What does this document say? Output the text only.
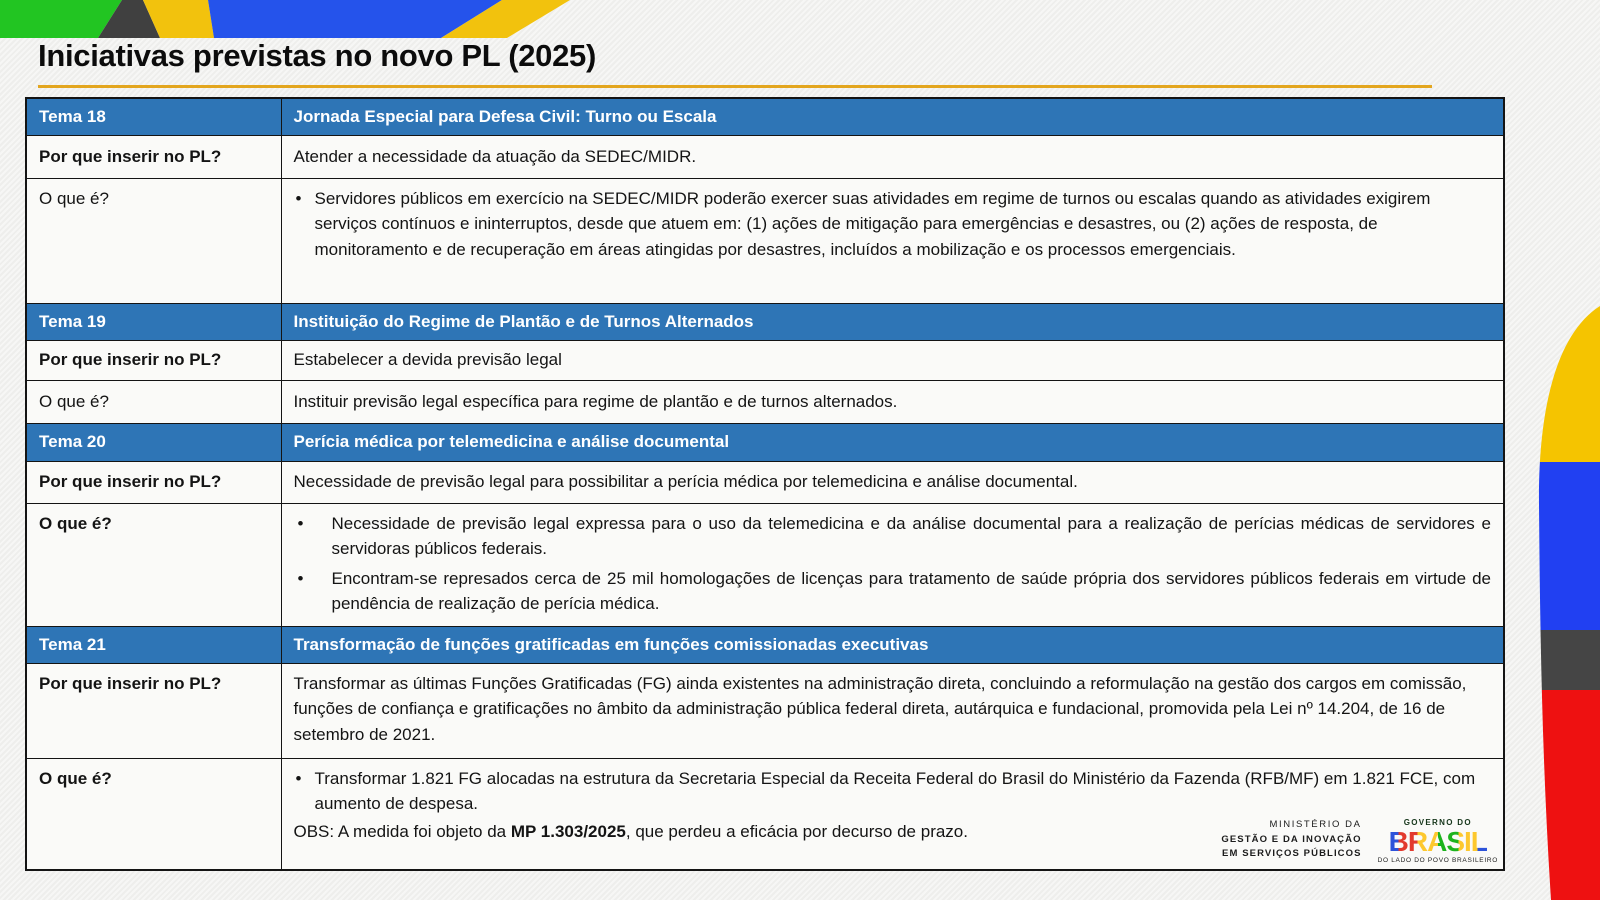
Iniciativas previstas no novo PL (2025)
Tema 18	Jornada Especial para Defesa Civil: Turno ou Escala
Por que inserir no PL?	Atender a necessidade da atuação da SEDEC/MIDR.
O que é?	• Servidores públicos em exercício na SEDEC/MIDR poderão exercer suas atividades em regime de turnos ou escalas quando as atividades exigirem serviços contínuos e ininterruptos, desde que atuem em: (1) ações de mitigação para emergências e desastres, ou (2) ações de resposta, de monitoramento e de recuperação em áreas atingidas por desastres, incluídos a mobilização e os processos emergenciais.

Tema 19	Instituição do Regime de Plantão e de Turnos Alternados
Por que inserir no PL?	Estabelecer a devida previsão legal
O que é?	Instituir previsão legal específica para regime de plantão e de turnos alternados.
Tema 20	Perícia médica por telemedicina e análise documental
Por que inserir no PL?	Necessidade de previsão legal para possibilitar a perícia médica por telemedicina e análise documental.
O que é?	• Necessidade de previsão legal expressa para o uso da telemedicina e da análise documental para a realização de perícias médicas de servidores e servidoras públicos federais.
• Encontram-se represados cerca de 25 mil homologações de licenças para tratamento de saúde própria dos servidores públicos federais em virtude de pendência de realização de perícia médica.

Tema 21	Transformação de funções gratificadas em funções comissionadas executivas
Por que inserir no PL?	Transformar as últimas Funções Gratificadas (FG) ainda existentes na administração direta, concluindo a reformulação na gestão dos cargos em comissão, funções de confiança e gratificações no âmbito da administração pública federal direta, autárquica e fundacional, promovida pela Lei nº 14.204, de 16 de setembro de 2021.
O que é?	• Transformar 1.821 FG alocadas na estrutura da Secretaria Especial da Receita Federal do Brasil do Ministério da Fazenda (RFB/MF) em 1.821 FCE, com aumento de despesa.
OBS: A medida foi objeto da MP 1.303/2025, que perdeu a eficácia por decurso de prazo.	MINISTÉRIO DA
GESTÃO E DA INOVAÇÃO
EM SERVIÇOS PÚBLICOS
GOVERNO DO
BRASIL
DO LADO DO POVO BRASILEIRO
